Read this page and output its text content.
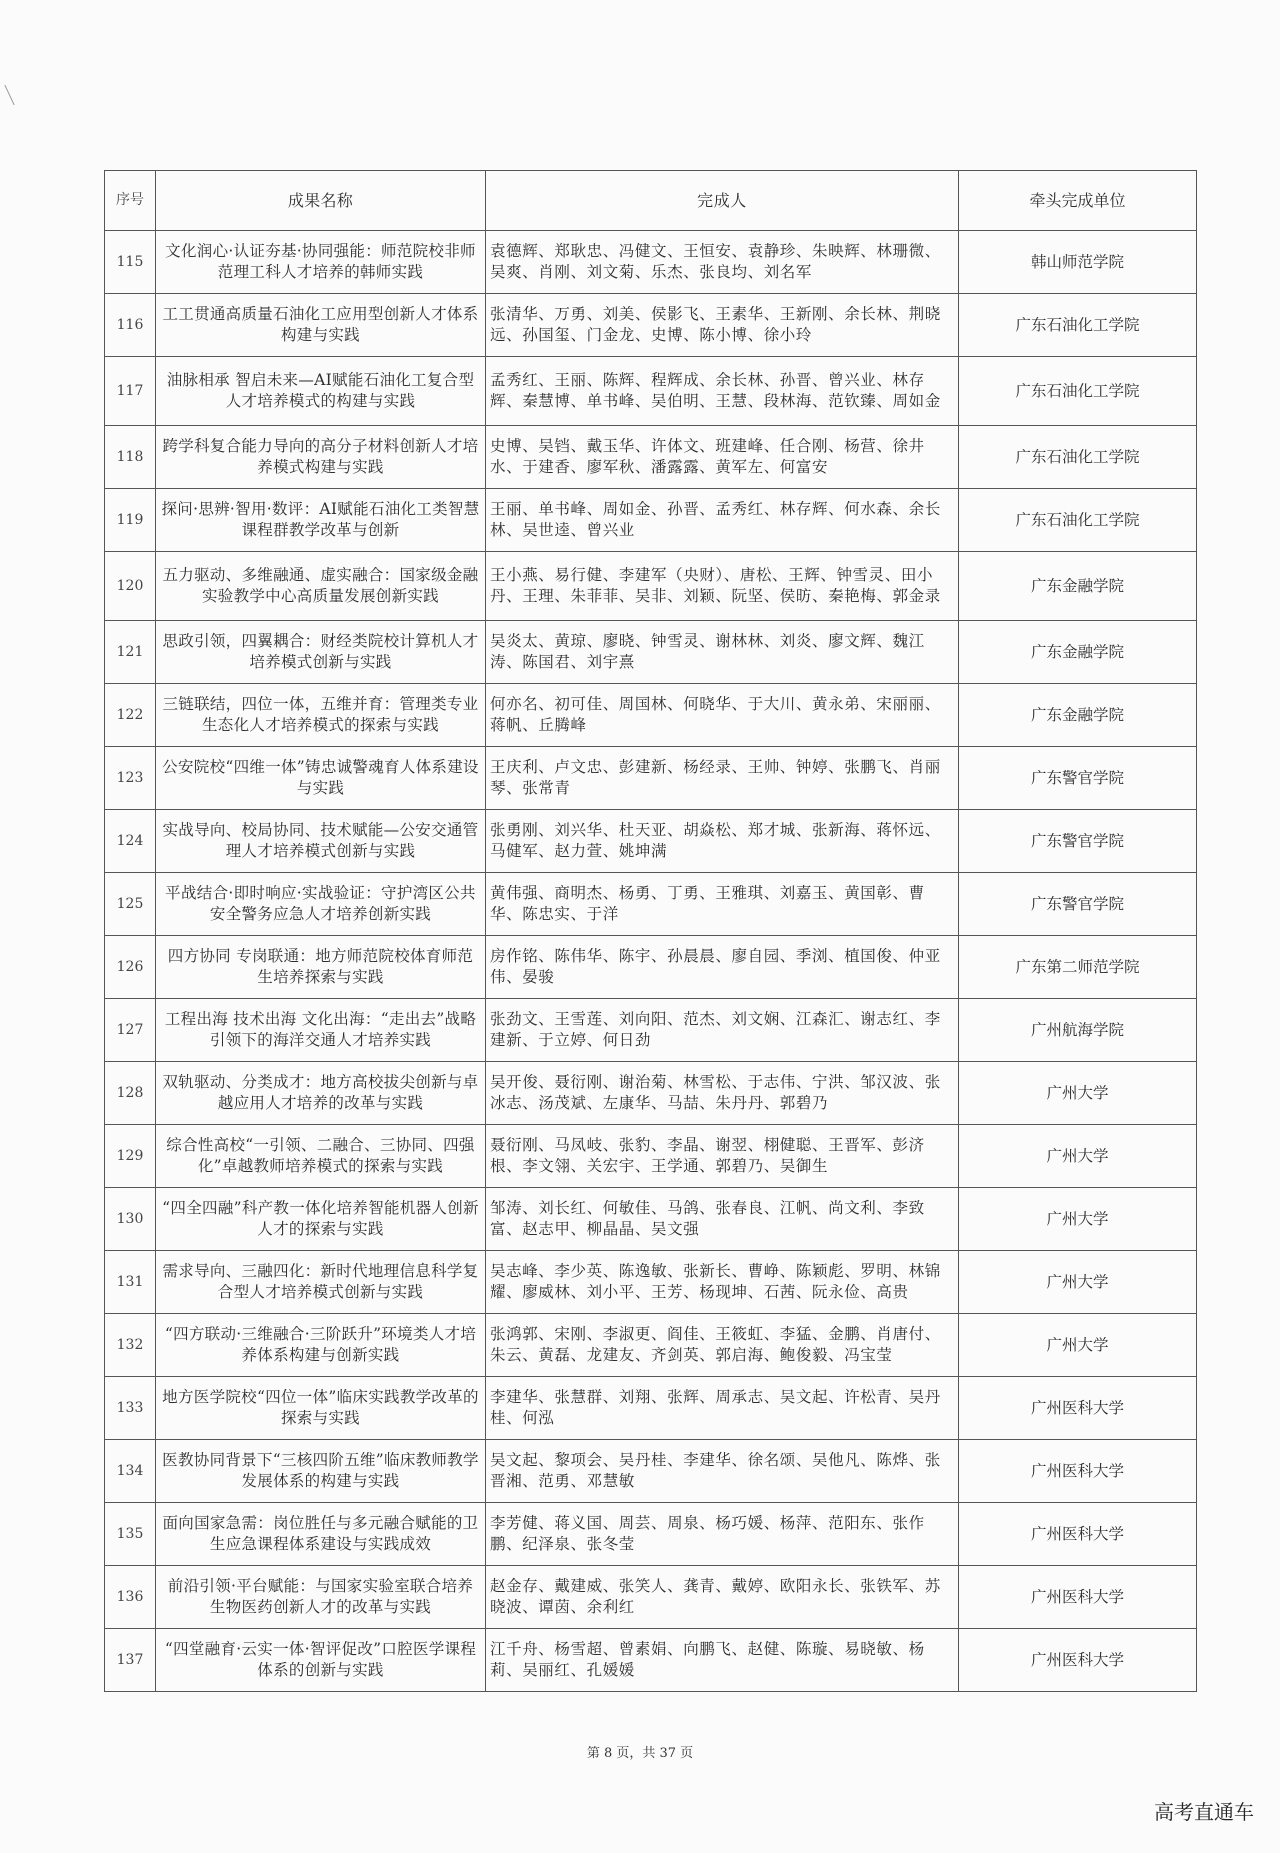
序号	成果名称	完成人	牵头完成单位
115	文化润心·认证夯基·协同强能：师范院校非师范理工科人才培养的韩师实践	袁德辉、郑耿忠、冯健文、王恒安、袁静珍、朱映辉、林珊微、吴爽、肖刚、刘文菊、乐杰、张良均、刘名军	韩山师范学院
116	工工贯通高质量石油化工应用型创新人才体系构建与实践	张清华、万勇、刘美、侯影飞、王素华、王新刚、余长林、荆晓远、孙国玺、门金龙、史博、陈小博、徐小玲	广东石油化工学院
117	油脉相承 智启未来—AI赋能石油化工复合型人才培养模式的构建与实践	孟秀红、王丽、陈辉、程辉成、余长林、孙晋、曾兴业、林存辉、秦慧博、单书峰、吴伯明、王慧、段林海、范钦臻、周如金	广东石油化工学院
118	跨学科复合能力导向的高分子材料创新人才培养模式构建与实践	史博、吴铛、戴玉华、许体文、班建峰、任合刚、杨营、徐井水、于建香、廖军秋、潘露露、黄军左、何富安	广东石油化工学院
119	探问·思辨·智用·数评：AI赋能石油化工类智慧课程群教学改革与创新	王丽、单书峰、周如金、孙晋、孟秀红、林存辉、何水森、余长林、吴世逵、曾兴业	广东石油化工学院
120	五力驱动、多维融通、虚实融合：国家级金融实验教学中心高质量发展创新实践	王小燕、易行健、李建军（央财）、唐松、王辉、钟雪灵、田小丹、王理、朱菲菲、吴非、刘颖、阮坚、侯昉、秦艳梅、郭金录	广东金融学院
121	思政引领，四翼耦合：财经类院校计算机人才培养模式创新与实践	吴炎太、黄琼、廖晓、钟雪灵、谢林林、刘炎、廖文辉、魏江涛、陈国君、刘宇熹	广东金融学院
122	三链联结，四位一体，五维并育：管理类专业生态化人才培养模式的探索与实践	何亦名、初可佳、周国林、何晓华、于大川、黄永弟、宋丽丽、蒋帆、丘腾峰	广东金融学院
123	公安院校“四维一体”铸忠诚警魂育人体系建设与实践	王庆利、卢文忠、彭建新、杨经录、王帅、钟婷、张鹏飞、肖丽琴、张常青	广东警官学院
124	实战导向、校局协同、技术赋能—公安交通管理人才培养模式创新与实践	张勇刚、刘兴华、杜天亚、胡焱松、郑才城、张新海、蒋怀远、马健军、赵力萱、姚坤满	广东警官学院
125	平战结合·即时响应·实战验证：守护湾区公共安全警务应急人才培养创新实践	黄伟强、商明杰、杨勇、丁勇、王雅琪、刘嘉玉、黄国彰、曹华、陈忠实、于洋	广东警官学院
126	四方协同 专岗联通：地方师范院校体育师范生培养探索与实践	房作铭、陈伟华、陈宇、孙晨晨、廖自园、季浏、植国俊、仲亚伟、晏骏	广东第二师范学院
127	工程出海 技术出海 文化出海：“走出去”战略引领下的海洋交通人才培养实践	张劲文、王雪莲、刘向阳、范杰、刘文娴、江森汇、谢志红、李建新、于立婷、何日劲	广州航海学院
128	双轨驱动、分类成才：地方高校拔尖创新与卓越应用人才培养的改革与实践	吴开俊、聂衍刚、谢治菊、林雪松、于志伟、宁洪、邹汉波、张冰志、汤茂斌、左康华、马喆、朱丹丹、郭碧乃	广州大学
129	综合性高校“一引领、二融合、三协同、四强化”卓越教师培养模式的探索与实践	聂衍刚、马凤岐、张豹、李晶、谢翌、栩健聪、王晋军、彭济根、李文翎、关宏宇、王学通、郭碧乃、吴御生	广州大学
130	“四全四融”科产教一体化培养智能机器人创新人才的探索与实践	邹涛、刘长红、何敏佳、马鸽、张春良、江帆、尚文利、李致富、赵志甲、柳晶晶、吴文强	广州大学
131	需求导向、三融四化：新时代地理信息科学复合型人才培养模式创新与实践	吴志峰、李少英、陈逸敏、张新长、曹峥、陈颖彪、罗明、林锦耀、廖威林、刘小平、王芳、杨现坤、石茜、阮永俭、高贵	广州大学
132	“四方联动·三维融合·三阶跃升”环境类人才培养体系构建与创新实践	张鸿郭、宋刚、李淑更、阎佳、王筱虹、李猛、金鹏、肖唐付、朱云、黄磊、龙建友、齐剑英、郭启海、鲍俊毅、冯宝莹	广州大学
133	地方医学院校“四位一体”临床实践教学改革的探索与实践	李建华、张慧群、刘翔、张辉、周承志、吴文起、许松青、吴丹桂、何泓	广州医科大学
134	医教协同背景下“三核四阶五维”临床教师教学发展体系的构建与实践	吴文起、黎项会、吴丹桂、李建华、徐名颂、吴他凡、陈烨、张晋湘、范勇、邓慧敏	广州医科大学
135	面向国家急需：岗位胜任与多元融合赋能的卫生应急课程体系建设与实践成效	李芳健、蒋义国、周芸、周泉、杨巧媛、杨萍、范阳东、张作鹏、纪泽泉、张冬莹	广州医科大学
136	前沿引领·平台赋能：与国家实验室联合培养生物医药创新人才的改革与实践	赵金存、戴建威、张笑人、龚青、戴婷、欧阳永长、张铁军、苏晓波、谭茵、余利红	广州医科大学
137	“四堂融育·云实一体·智评促改”口腔医学课程体系的创新与实践	江千舟、杨雪超、曾素娟、向鹏飞、赵健、陈璇、易晓敏、杨莉、吴丽红、孔媛媛	广州医科大学
第 8 页，共 37 页
高考直通车
